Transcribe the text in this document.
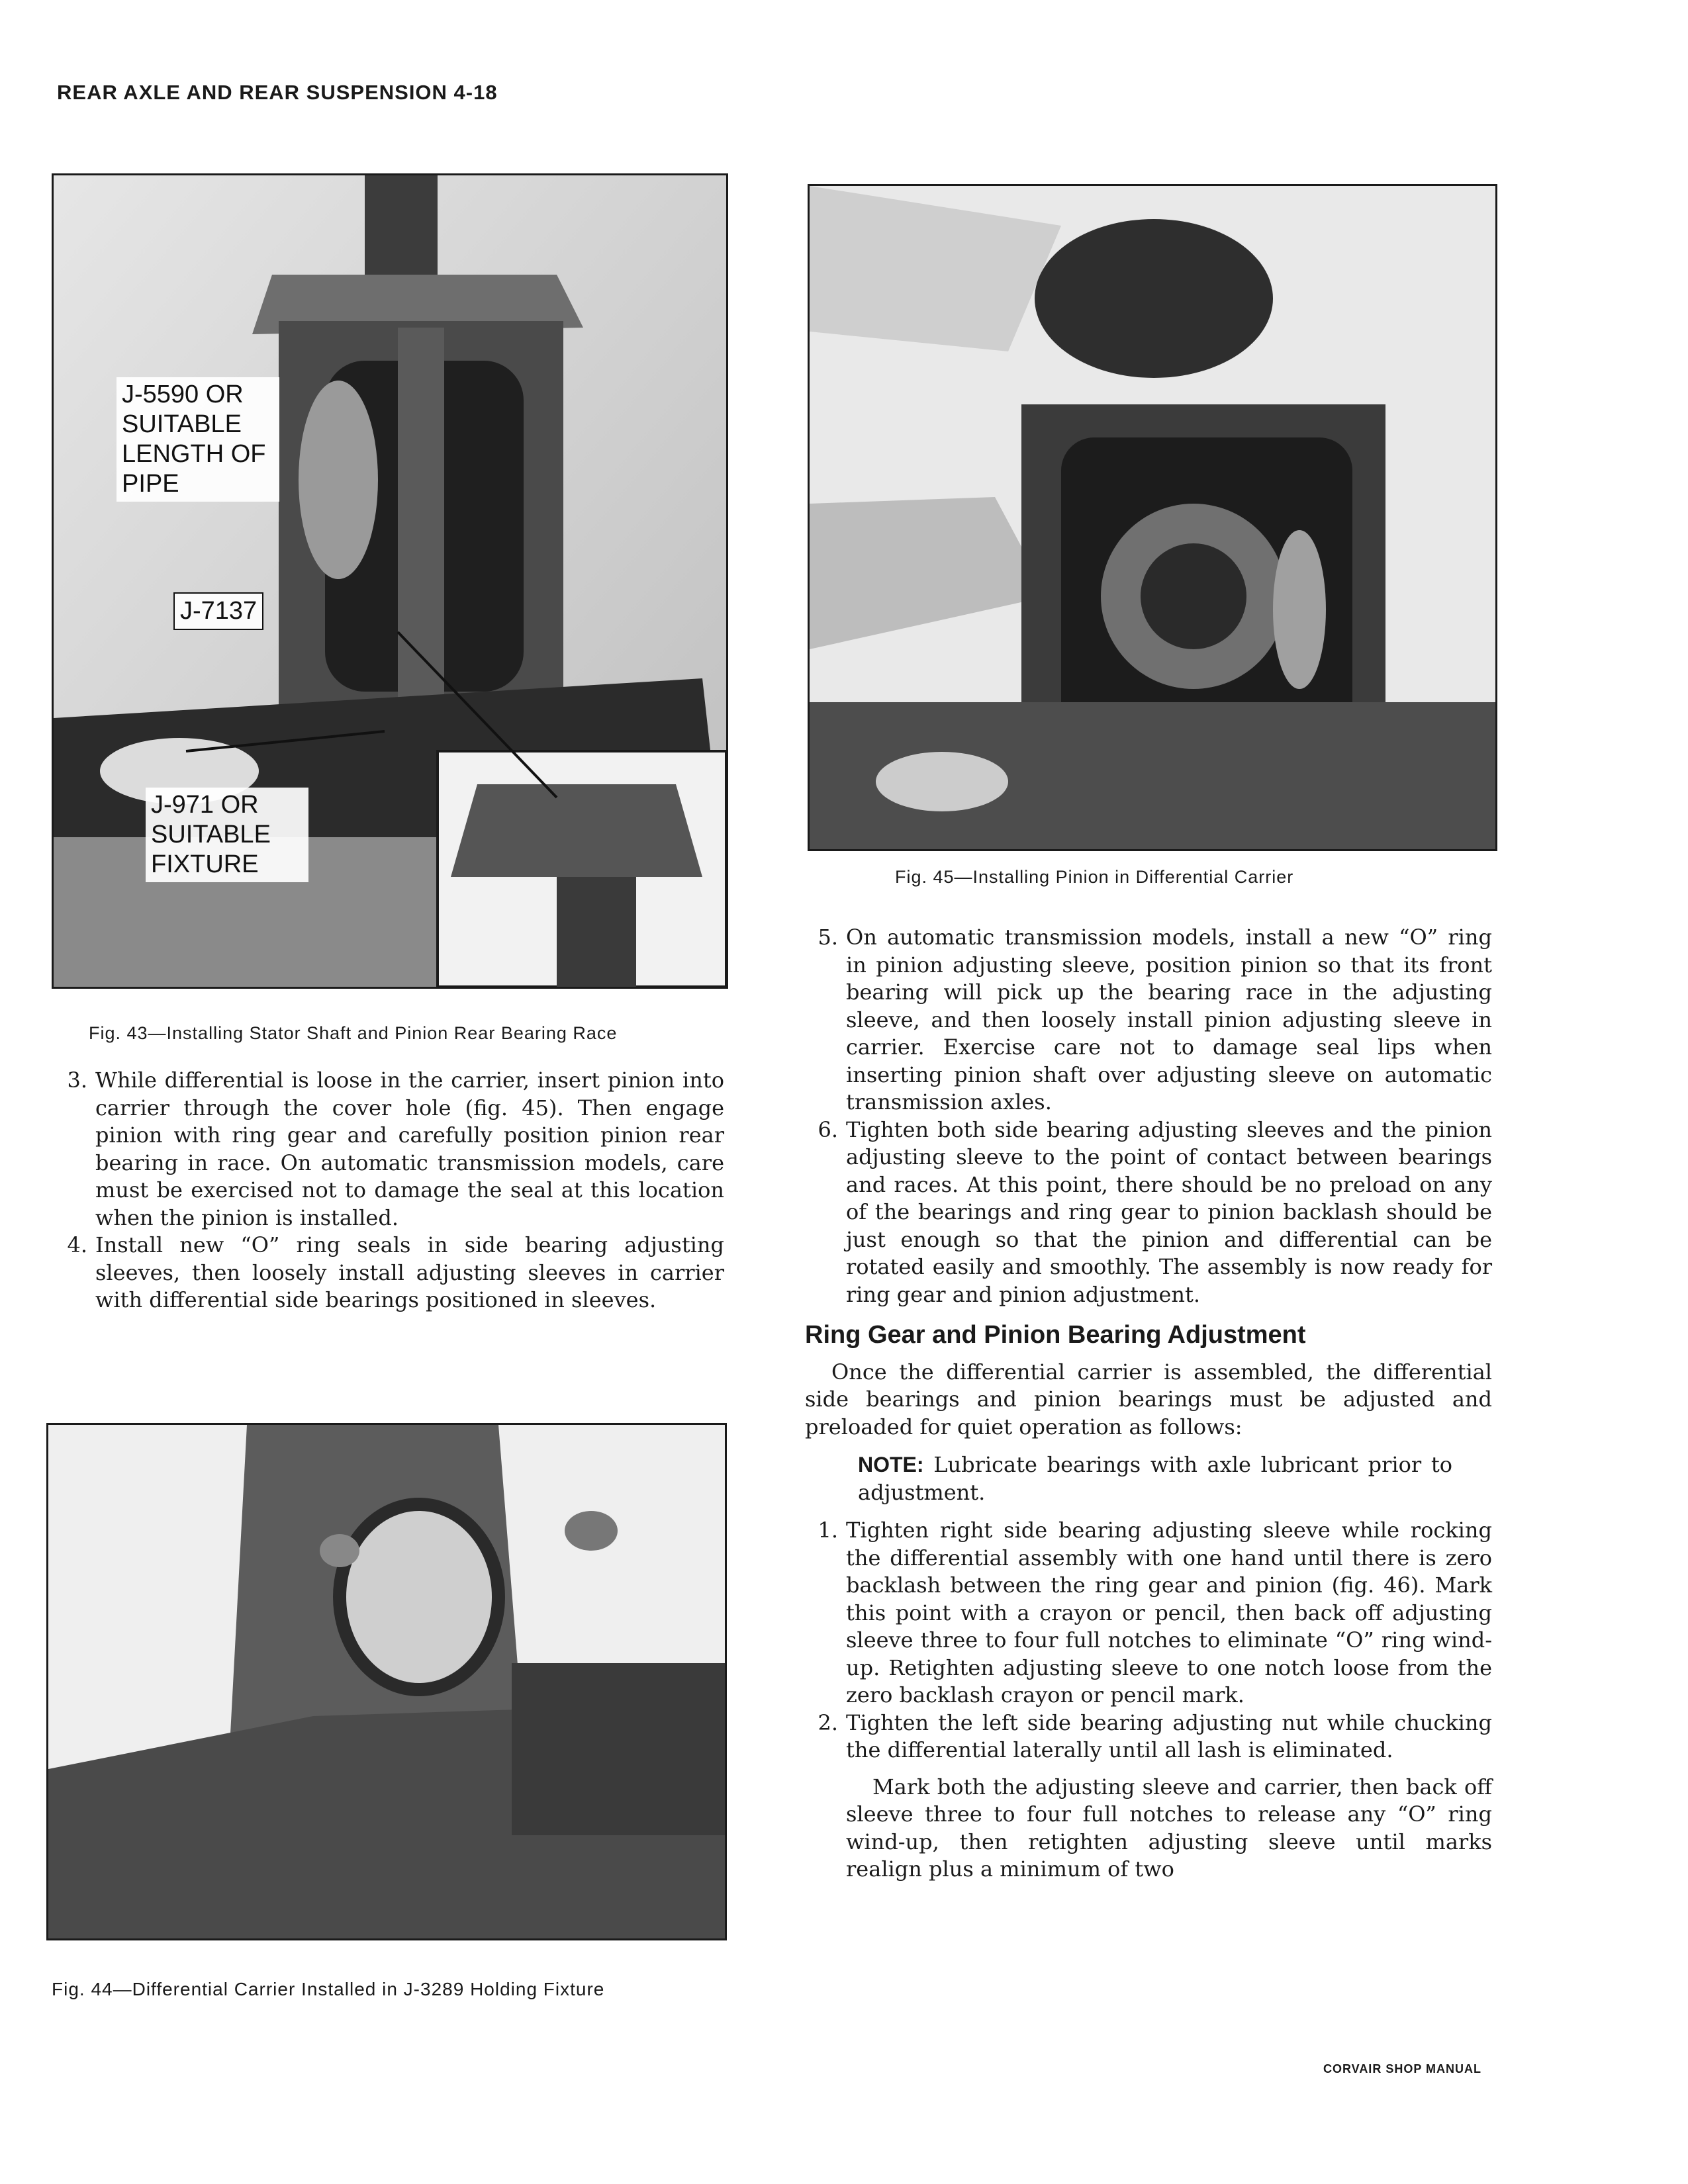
REAR AXLE AND REAR SUSPENSION 4-18
J-5590 OR SUITABLE LENGTH OF PIPE
J-7137
J-971 OR SUITABLE FIXTURE
Fig. 43—Installing Stator Shaft and Pinion Rear Bearing Race
Fig. 45—Installing Pinion in Differential Carrier
Fig. 44—Differential Carrier Installed in J-3289 Holding Fixture
3. While differential is loose in the carrier, insert pinion into carrier through the cover hole (fig. 45). Then engage pinion with ring gear and carefully position pinion rear bearing in race. On automatic transmission models, care must be exercised not to damage the seal at this location when the pinion is installed.
4. Install new “O” ring seals in side bearing adjusting sleeves, then loosely install adjusting sleeves in carrier with differential side bearings positioned in sleeves.
5. On automatic transmission models, install a new “O” ring in pinion adjusting sleeve, position pinion so that its front bearing will pick up the bearing race in the adjusting sleeve, and then loosely install pinion adjusting sleeve in carrier. Exercise care not to damage seal lips when inserting pinion shaft over adjusting sleeve on automatic transmission axles.
6. Tighten both side bearing adjusting sleeves and the pinion adjusting sleeve to the point of contact between bearings and races. At this point, there should be no preload on any of the bearings and ring gear to pinion backlash should be just enough so that the pinion and differential can be rotated easily and smoothly. The assembly is now ready for ring gear and pinion adjustment.
Ring Gear and Pinion Bearing Adjustment

Once the differential carrier is assembled, the differential side bearings and pinion bearings must be adjusted and preloaded for quiet operation as follows:

NOTE: Lubricate bearings with axle lubricant prior to adjustment.

1. Tighten right side bearing adjusting sleeve while rocking the differential assembly with one hand until there is zero backlash between the ring gear and pinion (fig. 46). Mark this point with a crayon or pencil, then back off adjusting sleeve three to four full notches to eliminate “O” ring wind-up. Retighten adjusting sleeve to one notch loose from the zero backlash crayon or pencil mark.
2. Tighten the left side bearing adjusting nut while chucking the differential laterally until all lash is eliminated.

Mark both the adjusting sleeve and carrier, then back off sleeve three to four full notches to release any “O” ring wind-up, then retighten adjusting sleeve until marks realign plus a minimum of two

CORVAIR SHOP MANUAL
